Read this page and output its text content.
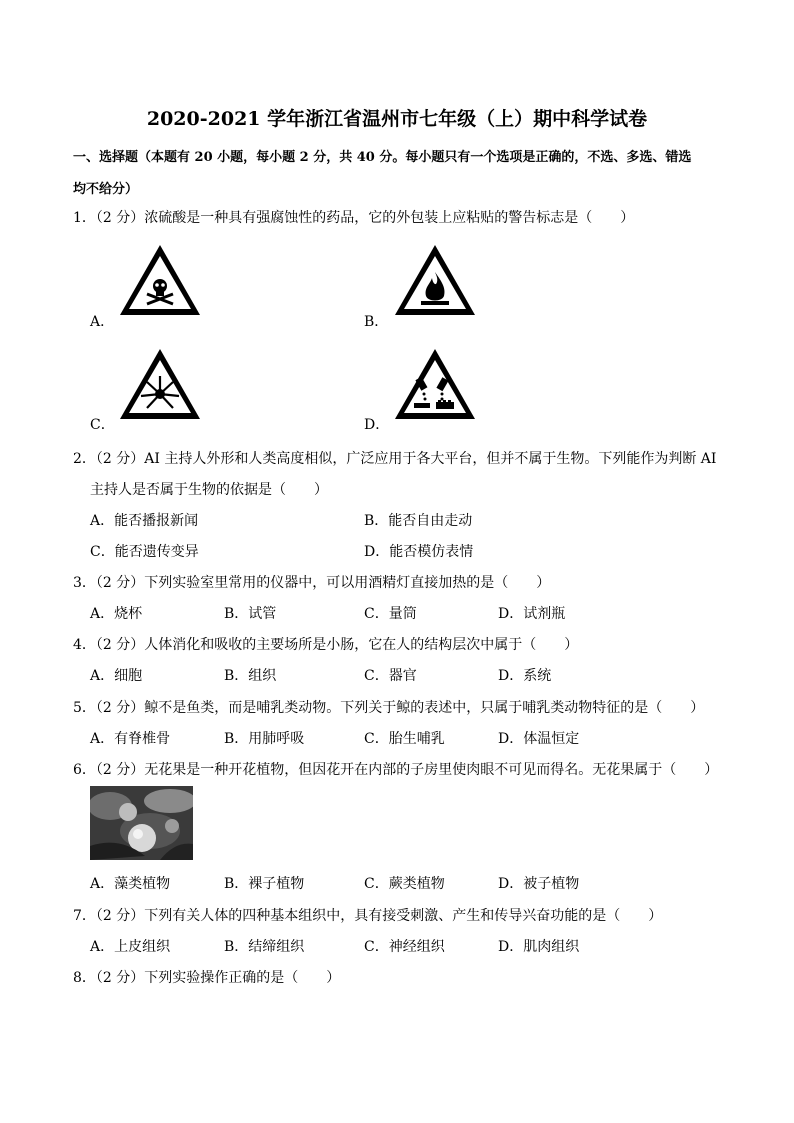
2020-2021 学年浙江省温州市七年级（上）期中科学试卷
一、选择题（本题有 20 小题，每小题 2 分，共 40 分。每小题只有一个选项是正确的，不选、多选、错选
均不给分）
1．（2 分）浓硫酸是一种具有强腐蚀性的药品，它的外包装上应粘贴的警告标志是（　　）
A．	B．
C．	D．
2．（2 分）AI 主持人外形和人类高度相似，广泛应用于各大平台，但并不属于生物。下列能作为判断 AI
主持人是否属于生物的依据是（　　）
A．能否播报新闻	B．能否自由走动
C．能否遗传变异	D．能否模仿表情
3．（2 分）下列实验室里常用的仪器中，可以用酒精灯直接加热的是（　　）
A．烧杯	B．试管	C．量筒	D．试剂瓶
4．（2 分）人体消化和吸收的主要场所是小肠，它在人的结构层次中属于（　　）
A．细胞	B．组织	C．器官	D．系统
5．（2 分）鲸不是鱼类，而是哺乳类动物。下列关于鲸的表述中，只属于哺乳类动物特征的是（　　）
A．有脊椎骨	B．用肺呼吸	C．胎生哺乳	D．体温恒定
6．（2 分）无花果是一种开花植物，但因花开在内部的子房里使肉眼不可见而得名。无花果属于（　　）
A．藻类植物	B．裸子植物	C．蕨类植物	D．被子植物
7．（2 分）下列有关人体的四种基本组织中，具有接受刺激、产生和传导兴奋功能的是（　　）
A．上皮组织	B．结缔组织	C．神经组织	D．肌肉组织
8．（2 分）下列实验操作正确的是（　　）
